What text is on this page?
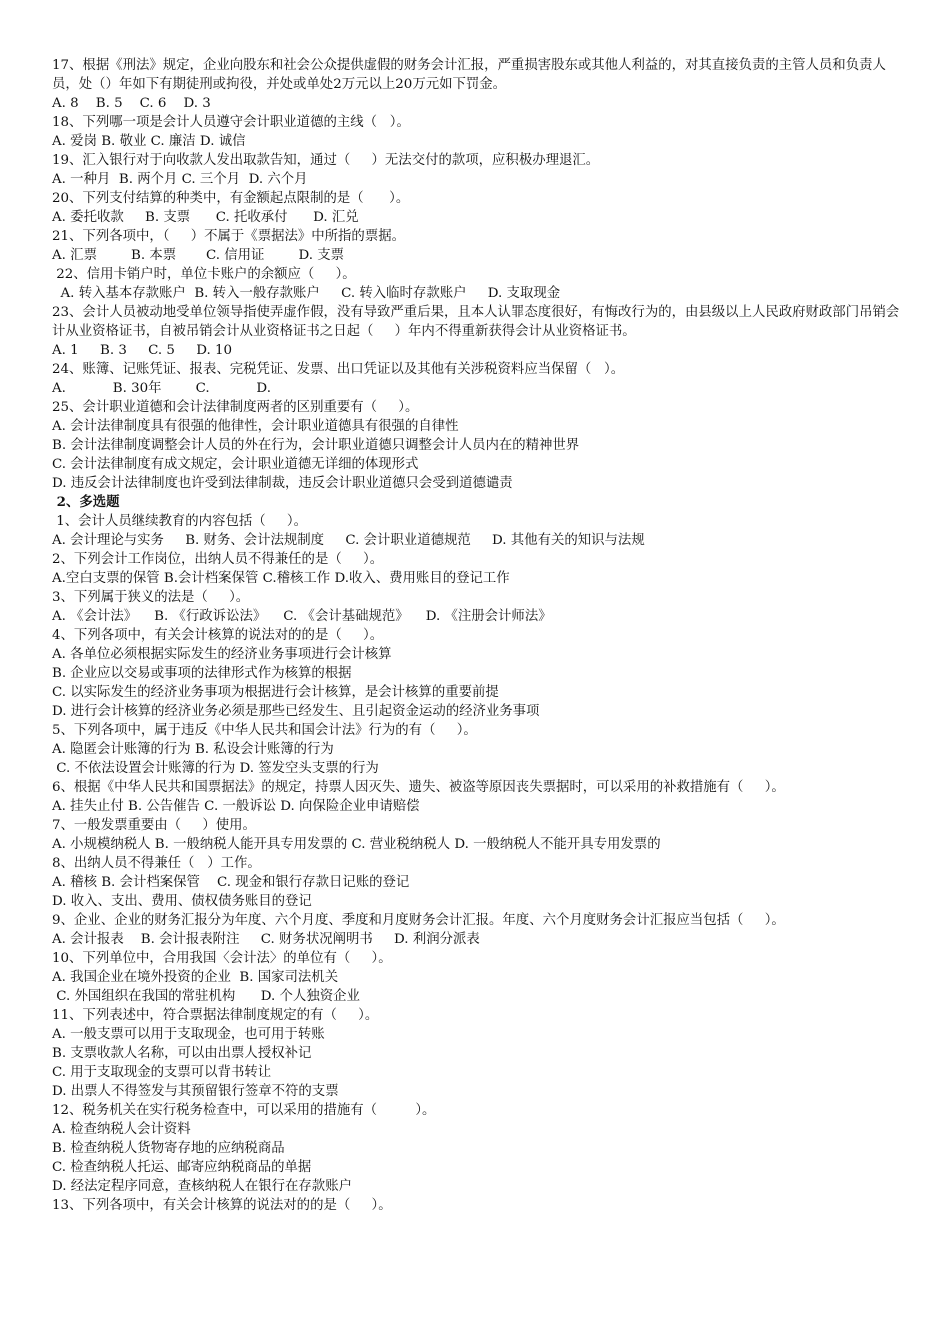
17、根据《刑法》规定，企业向股东和社会公众提供虚假的财务会计汇报，严重损害股东或其他人利益的，对其直接负责的主管人员和负责人员，处（）年如下有期徒刑或拘役，并处或单处2万元以上20万元如下罚金。
A. 8    B. 5    C. 6    D. 3
18、下列哪一项是会计人员遵守会计职业道德的主线（   ）。
A. 爱岗 B. 敬业 C. 廉洁 D. 诚信
19、汇入银行对于向收款人发出取款告知，通过（     ）无法交付的款项，应积极办理退汇。
A. 一种月  B. 两个月 C. 三个月  D. 六个月
20、下列支付结算的种类中，有金额起点限制的是（      ）。
A. 委托收款     B. 支票      C. 托收承付      D. 汇兑
21、下列各项中，（     ）不属于《票据法》中所指的票据。
A. 汇票        B. 本票       C. 信用证        D. 支票
22、信用卡销户时，单位卡账户的余额应（     ）。
A. 转入基本存款账户  B. 转入一般存款账户     C. 转入临时存款账户     D. 支取现金
23、会计人员被动地受单位领导指使弄虚作假，没有导致严重后果，且本人认罪态度很好，有悔改行为的，由县级以上人民政府财政部门吊销会计从业资格证书，自被吊销会计从业资格证书之日起（     ）年内不得重新获得会计从业资格证书。
A. 1     B. 3     C. 5     D. 10
24、账簿、记账凭证、报表、完税凭证、发票、出口凭证以及其他有关涉税资料应当保留（   ）。
A.           B. 30年        C.           D.
25、会计职业道德和会计法律制度两者的区别重要有（     ）。
A. 会计法律制度具有很强的他律性，会计职业道德具有很强的自律性
B. 会计法律制度调整会计人员的外在行为，会计职业道德只调整会计人员内在的精神世界
C. 会计法律制度有成文规定，会计职业道德无详细的体现形式
D. 违反会计法律制度也许受到法律制裁，违反会计职业道德只会受到道德谴责
2、多选题
1、会计人员继续教育的内容包括（     ）。
A. 会计理论与实务     B. 财务、会计法规制度     C. 会计职业道德规范     D. 其他有关的知识与法规
2、下列会计工作岗位，出纳人员不得兼任的是（     ）。
A.空白支票的保管 B.会计档案保管 C.稽核工作 D.收入、费用账目的登记工作
3、下列属于狭义的法是（     ）。
A. 《会计法》    B. 《行政诉讼法》    C. 《会计基础规范》    D. 《注册会计师法》
4、下列各项中，有关会计核算的说法对的的是（     ）。
A. 各单位必须根据实际发生的经济业务事项进行会计核算
B. 企业应以交易或事项的法律形式作为核算的根据
C. 以实际发生的经济业务事项为根据进行会计核算，是会计核算的重要前提
D. 进行会计核算的经济业务必须是那些已经发生、且引起资金运动的经济业务事项
5、下列各项中，属于违反《中华人民共和国会计法》行为的有（     ）。
A. 隐匿会计账簿的行为 B. 私设会计账簿的行为
C. 不依法设置会计账簿的行为 D. 签发空头支票的行为
6、根据《中华人民共和国票据法》的规定，持票人因灭失、遗失、被盗等原因丧失票据时，可以采用的补救措施有（     ）。
A. 挂失止付 B. 公告催告 C. 一般诉讼 D. 向保险企业申请赔偿
7、一般发票重要由（     ）使用。
A. 小规模纳税人 B. 一般纳税人能开具专用发票的 C. 营业税纳税人 D. 一般纳税人不能开具专用发票的
8、出纳人员不得兼任（   ）工作。
A. 稽核 B. 会计档案保管    C. 现金和银行存款日记账的登记
D. 收入、支出、费用、债权债务账目的登记
9、企业、企业的财务汇报分为年度、六个月度、季度和月度财务会计汇报。年度、六个月度财务会计汇报应当包括（     ）。
A. 会计报表    B. 会计报表附注     C. 财务状况阐明书     D. 利润分派表
10、下列单位中，合用我国〈会计法〉的单位有（     ）。
A. 我国企业在境外投资的企业  B. 国家司法机关
C. 外国组织在我国的常驻机构      D. 个人独资企业
11、下列表述中，符合票据法律制度规定的有（     ）。
A. 一般支票可以用于支取现金，也可用于转账
B. 支票收款人名称，可以由出票人授权补记
C. 用于支取现金的支票可以背书转让
D. 出票人不得签发与其预留银行签章不符的支票
12、税务机关在实行税务检查中，可以采用的措施有（         ）。
A. 检查纳税人会计资料
B. 检查纳税人货物寄存地的应纳税商品
C. 检查纳税人托运、邮寄应纳税商品的单据
D. 经法定程序同意，查核纳税人在银行在存款账户
13、下列各项中，有关会计核算的说法对的的是（     ）。
